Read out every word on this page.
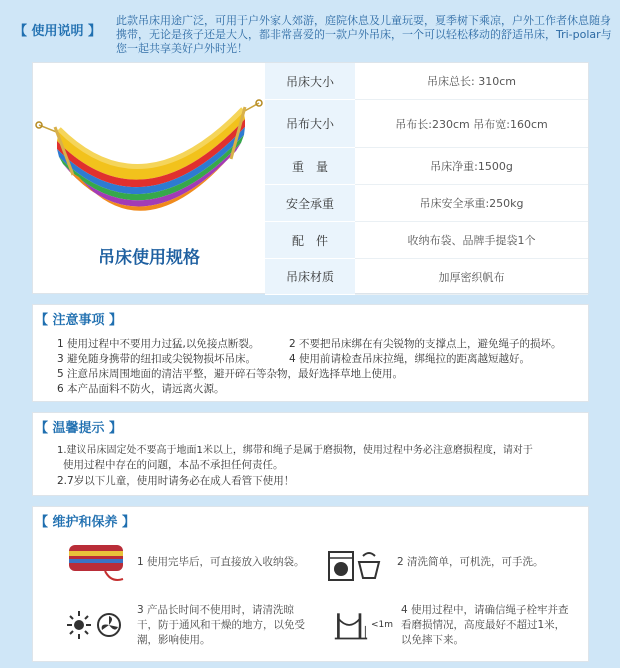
【 使用说明 】
此款吊床用途广泛，可用于户外家人郊游，庭院休息及儿童玩耍，夏季树下乘凉，户外工作者休息随身携带，无论是孩子还是大人，都非常喜爱的一款户外吊床，一个可以轻松移动的舒适吊床，Tri-polar与您一起共享美好户外时光！
吊床使用规格
吊床大小	吊床总长: 310cm
吊布大小	吊布长:230cm 吊布宽:160cm
重　量	吊床净重:1500g
安全承重	吊床安全承重:250kg
配　件	收纳布袋、品牌手提袋1个
吊床材质	加厚密织帆布
【 注意事项 】
1 使用过程中不要用力过猛,以免接点断裂。	2 不要把吊床绑在有尖锐物的支撑点上，避免绳子的损坏。
3 避免随身携带的纽扣或尖锐物损坏吊床。	4 使用前请检查吊床拉绳，绑绳拉的距离越短越好。
5 注意吊床周围地面的清洁平整，避开碎石等杂物，最好选择草地上使用。
6 本产品面料不防火，请远离火源。
【 温馨提示 】
1.建议吊床固定处不要高于地面1米以上，绑带和绳子是属于磨损物，使用过程中务必注意磨损程度，请对于
使用过程中存在的问题，本品不承担任何责任。
2.7岁以下儿童，使用时请务必在成人看管下使用！
【 维护和保养 】
1 使用完毕后，可直接放入收纳袋。	2 清洗简单，可机洗，可手洗。
3 产品长时间不使用时，请清洗晾干，防于通风和干燥的地方，以免受潮，影响使用。
<1m
4 使用过程中，请确信绳子栓牢并查看磨损情况，高度最好不超过1米，以免摔下来。
